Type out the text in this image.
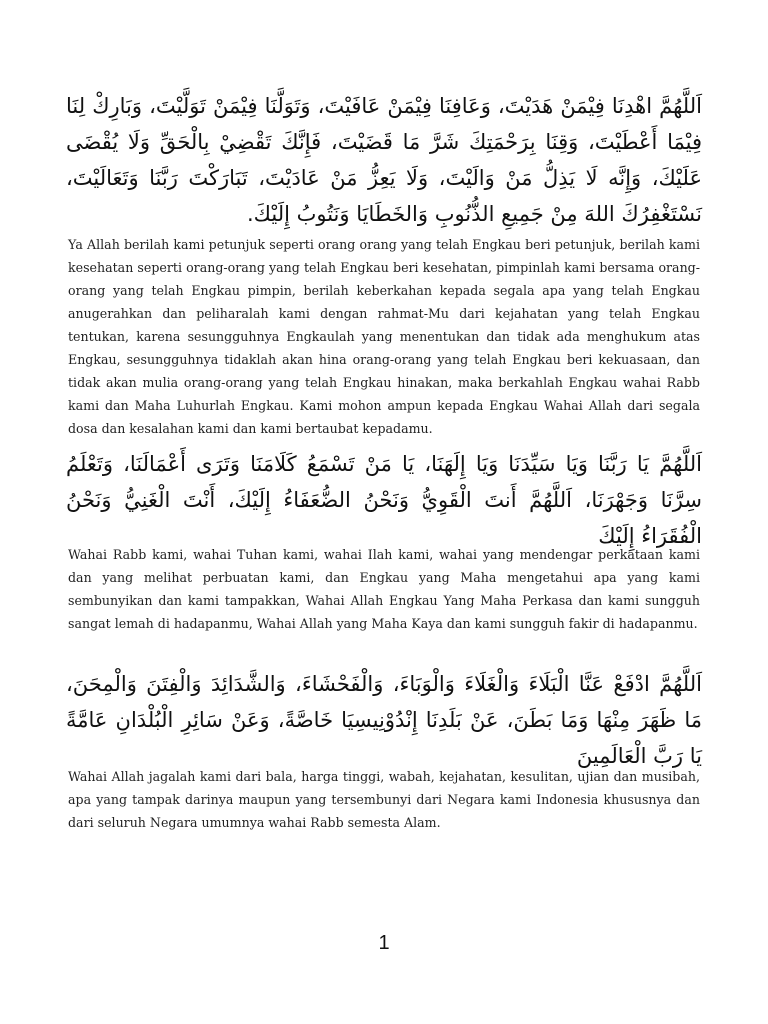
اَللَّهُمَّ اهْدِنَا فِيْمَنْ هَدَيْتَ، وَعَافِنَا فِيْمَنْ عَافَيْتَ، وَتَوَلَّنَا فِيْمَنْ تَوَلَّيْتَ، وَبَارِكْ لِنَا فِيْمَا أَعْطَيْتَ، وَقِنَا بِرَحْمَتِكَ شَرَّ مَا قَضَيْتَ، فَإِنَّكَ تَقْضِيْ بِالْحَقِّ وَلَا يُقْضَى عَلَيْكَ، وَإِنَّه لَا يَذِلُّ مَنْ وَالَيْتَ، وَلَا يَعِزُّ مَنْ عَادَيْتَ، تَبَارَكْتَ رَبَّنَا وَتَعَالَيْتَ، نَسْتَغْفِرُكَ اللهَ مِنْ جَمِيعِ الذُّنُوبِ وَالخَطَايَا وَنَتُوبُ إِلَيْكَ.

Ya Allah berilah kami petunjuk seperti orang orang yang telah Engkau beri petunjuk, berilah kami kesehatan seperti orang-orang yang telah Engkau beri kesehatan, pimpinlah kami bersama orang-orang yang telah Engkau pimpin, berilah keberkahan kepada segala apa yang telah Engkau anugerahkan dan peliharalah kami dengan rahmat-Mu dari kejahatan yang telah Engkau tentukan, karena sesungguhnya Engkaulah yang menentukan dan tidak ada menghukum atas Engkau, sesungguhnya tidaklah akan hina orang-orang yang telah Engkau beri kekuasaan, dan tidak akan mulia orang-orang yang telah Engkau hinakan, maka berkahlah Engkau wahai Rabb kami dan Maha Luhurlah Engkau. Kami mohon ampun kepada Engkau Wahai Allah dari segala dosa dan kesalahan kami dan kami bertaubat kepadamu.

اَللَّهُمَّ يَا رَبَّنَا وَيَا سَيِّدَنَا وَيَا إِلَهَنَا، يَا مَنْ تَسْمَعُ كَلَامَنَا وَتَرَى أَعْمَالَنَا، وَتَعْلَمُ سِرَّنَا وَجَهْرَنَا، اَللَّهُمَّ أَنتَ الْقَوِيُّ وَنَحْنُ الضُّعَفَاءُ إِلَيْكَ، أَنْتَ الْغَنِيُّ وَنَحْنُ الْفُقَرَاءُ إِلَيْكَ

Wahai Rabb kami, wahai Tuhan kami, wahai Ilah kami, wahai yang mendengar perkataan kami dan yang melihat perbuatan kami, dan Engkau yang Maha mengetahui apa yang kami sembunyikan dan kami tampakkan, Wahai Allah Engkau Yang Maha Perkasa dan kami sungguh sangat lemah di hadapanmu, Wahai Allah yang Maha Kaya dan kami sungguh fakir di hadapanmu.

اَللَّهُمَّ ادْفَعْ عَنَّا الْبَلَاءَ وَالْغَلَاءَ وَالْوَبَاءَ، وَالْفَحْشَاءَ، وَالشَّدَائِدَ وَالْفِتَنَ وَالْمِحَنَ، مَا ظَهَرَ مِنْهَا وَمَا بَطَنَ، عَنْ بَلَدِنَا إِنْدُوْنِيسِيَا خَاصَّةً، وَعَنْ سَائِرِ الْبُلْدَانِ عَامَّةً يَا رَبَّ الْعَالَمِينَ

Wahai Allah jagalah kami dari bala, harga tinggi, wabah, kejahatan, kesulitan, ujian dan musibah, apa yang tampak darinya maupun yang tersembunyi dari Negara kami Indonesia khususnya dan dari seluruh Negara umumnya wahai Rabb semesta Alam.

1
